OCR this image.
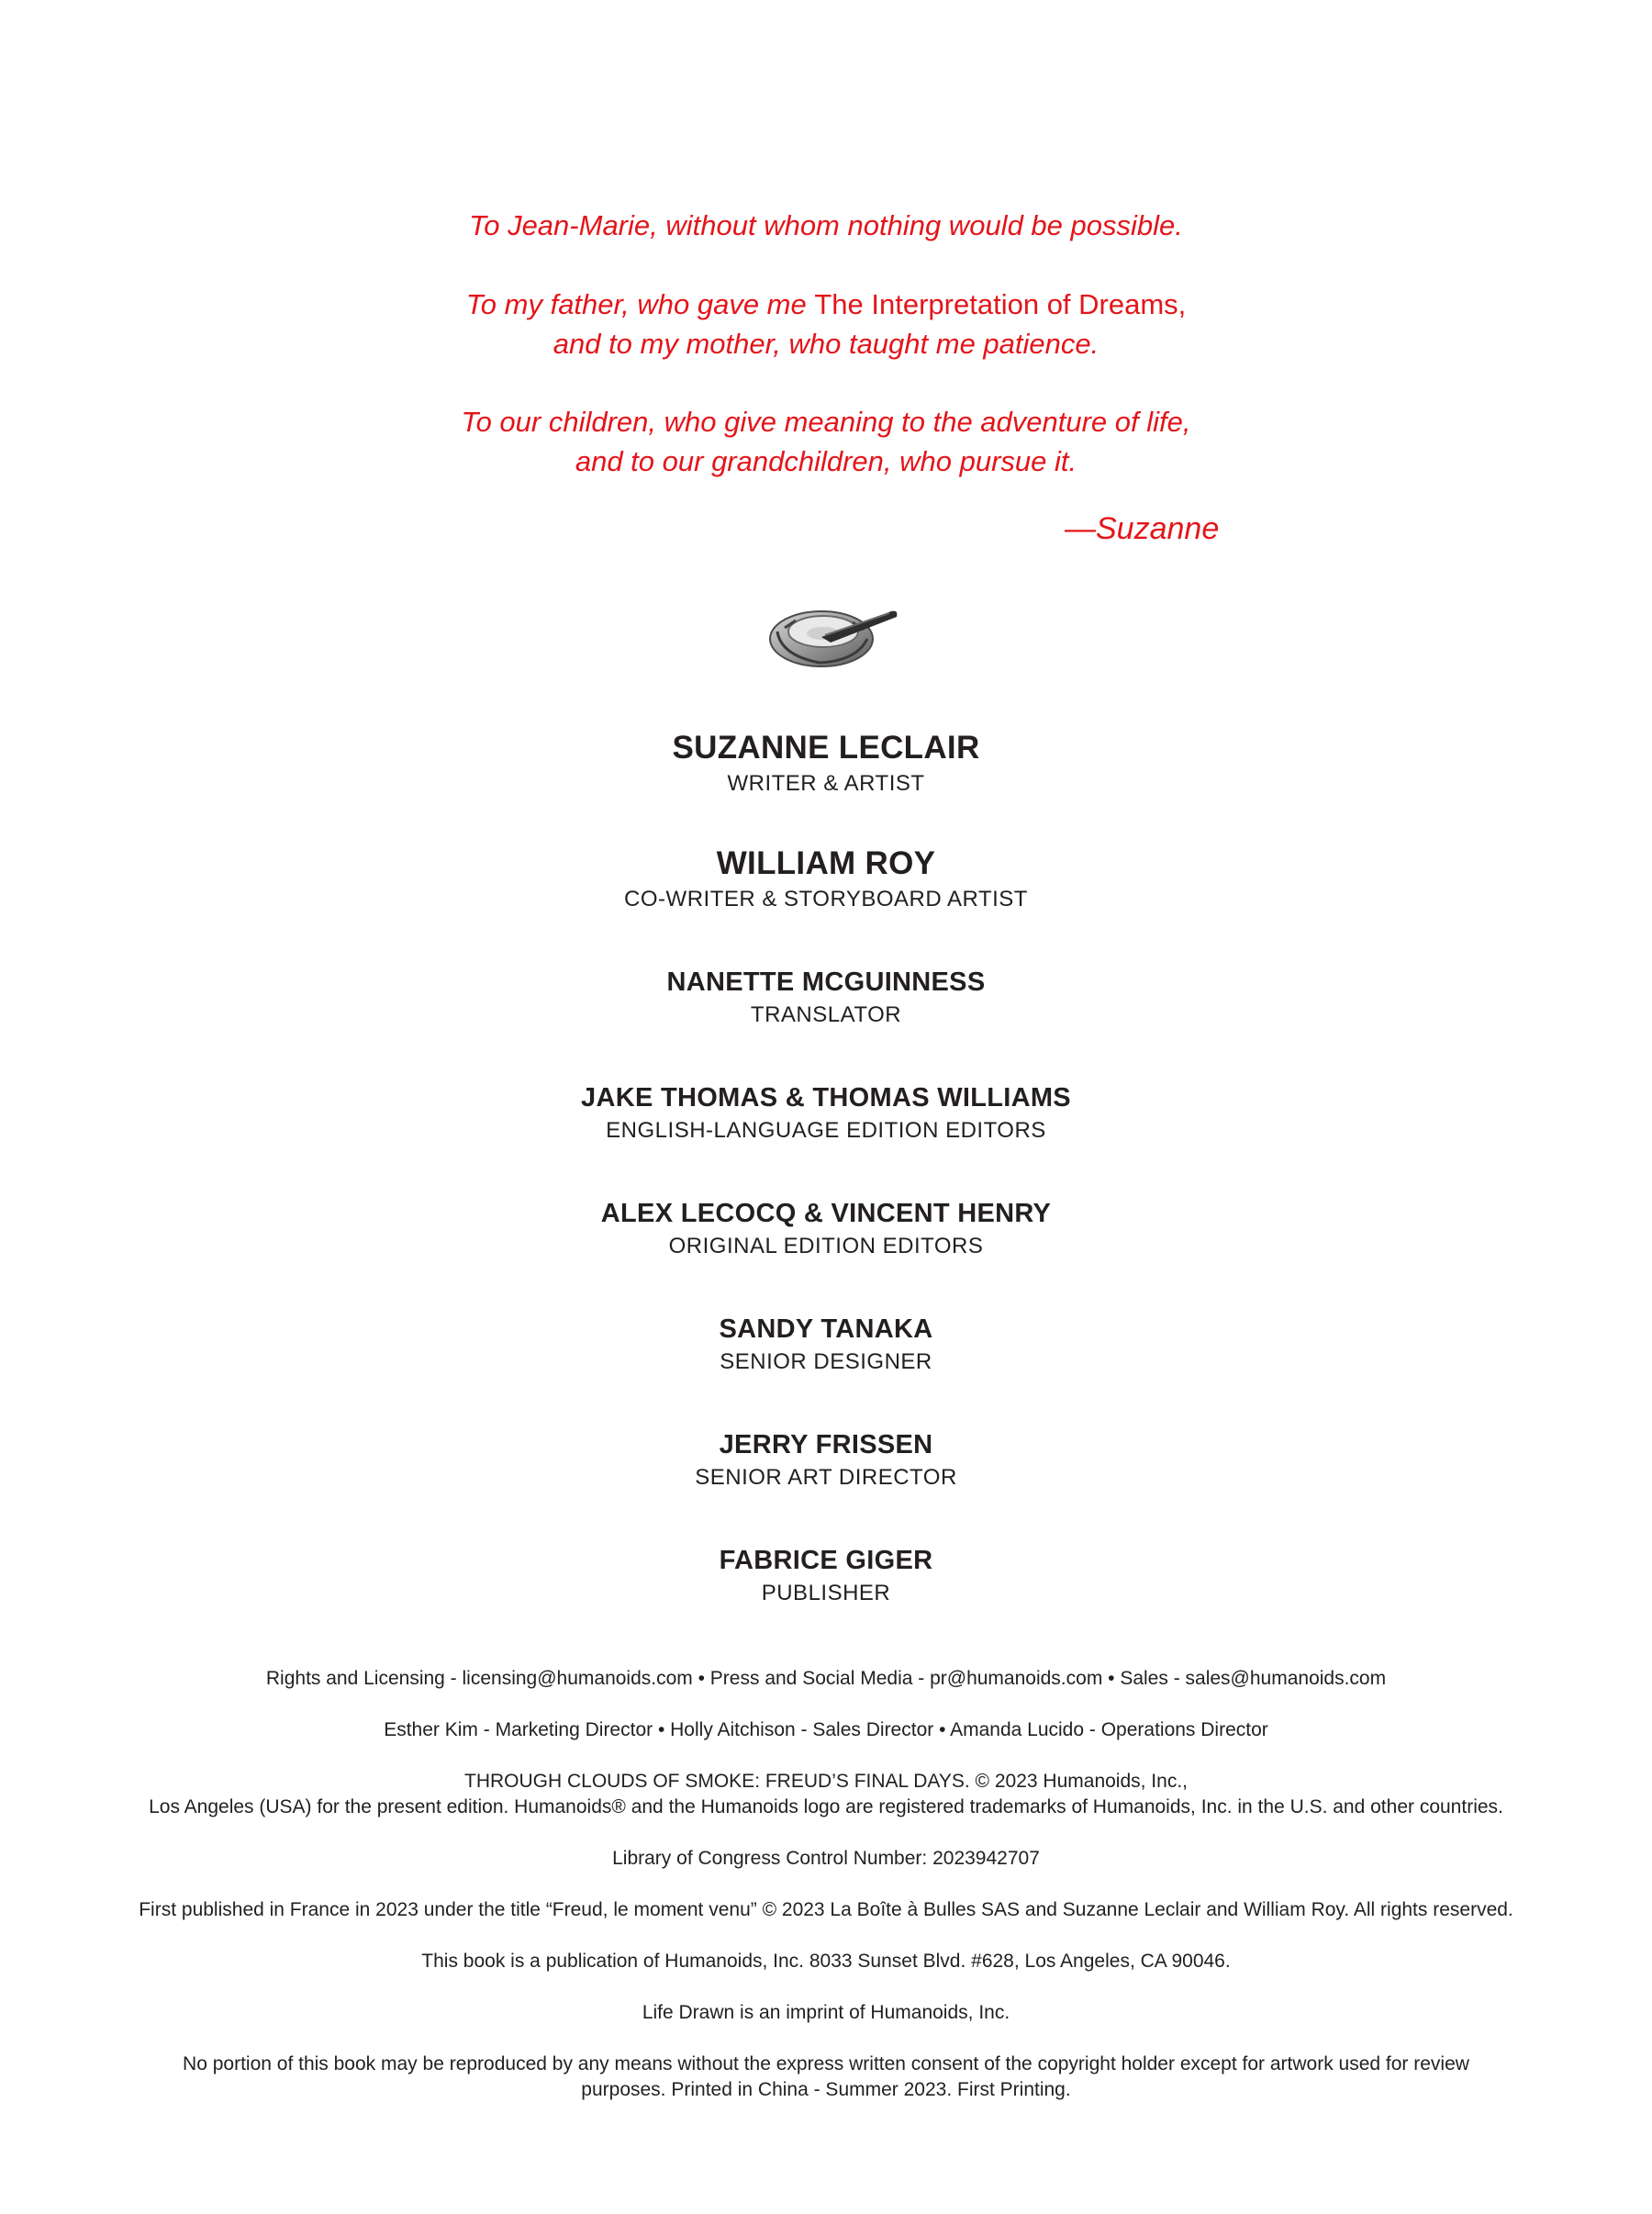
To Jean-Marie, without whom nothing would be possible.
To my father, who gave me The Interpretation of Dreams,
and to my mother, who taught me patience.
To our children, who give meaning to the adventure of life,
and to our grandchildren, who pursue it.
—Suzanne
SUZANNE LECLAIR
WRITER & ARTIST
WILLIAM ROY
CO-WRITER & STORYBOARD ARTIST
NANETTE MCGUINNESS
TRANSLATOR
JAKE THOMAS & THOMAS WILLIAMS
ENGLISH-LANGUAGE EDITION EDITORS
ALEX LECOCQ & VINCENT HENRY
ORIGINAL EDITION EDITORS
SANDY TANAKA
SENIOR DESIGNER
JERRY FRISSEN
SENIOR ART DIRECTOR
FABRICE GIGER
PUBLISHER
Rights and Licensing - licensing@humanoids.com • Press and Social Media - pr@humanoids.com • Sales - sales@humanoids.com
Esther Kim - Marketing Director • Holly Aitchison - Sales Director • Amanda Lucido - Operations Director
THROUGH CLOUDS OF SMOKE: FREUD’S FINAL DAYS. © 2023 Humanoids, Inc.,
Los Angeles (USA) for the present edition. Humanoids® and the Humanoids logo are registered trademarks of Humanoids, Inc. in the U.S. and other countries.
Library of Congress Control Number: 2023942707
First published in France in 2023 under the title “Freud, le moment venu” © 2023 La Boîte à Bulles SAS and Suzanne Leclair and William Roy. All rights reserved.
This book is a publication of Humanoids, Inc. 8033 Sunset Blvd. #628, Los Angeles, CA 90046.
Life Drawn is an imprint of Humanoids, Inc.
No portion of this book may be reproduced by any means without the express written consent of the copyright holder except for artwork used for review
purposes. Printed in China - Summer 2023. First Printing.
